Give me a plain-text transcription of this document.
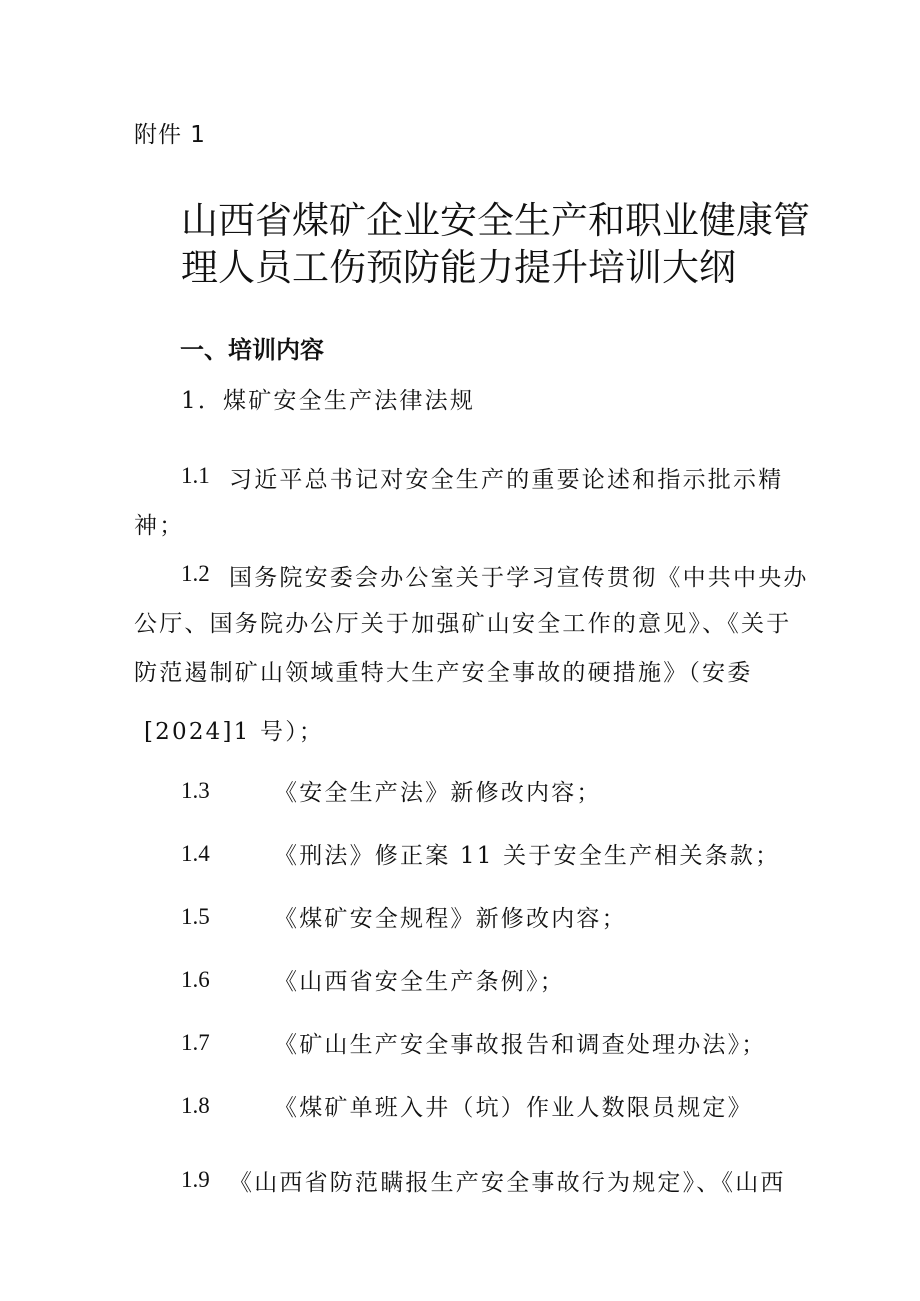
附件 1
山西省煤矿企业安全生产和职业健康管
理人员工伤预防能力提升培训大纲
一、培训内容
1．煤矿安全生产法律法规
1.1 习近平总书记对安全生产的重要论述和指示批示精
神；
1.2 国务院安委会办公室关于学习宣传贯彻《中共中央办
公厅、国务院办公厅关于加强矿山安全工作的意见》、《关于
防范遏制矿山领域重特大生产安全事故的硬措施》（安委
[2024]1 号）；
1.3	《安全生产法》新修改内容；
1.4	《刑法》修正案 11 关于安全生产相关条款；
1.5	《煤矿安全规程》新修改内容；
1.6	《山西省安全生产条例》；
1.7	《矿山生产安全事故报告和调查处理办法》；
1.8	《煤矿单班入井（坑）作业人数限员规定》
1.9 《山西省防范瞒报生产安全事故行为规定》、《山西
